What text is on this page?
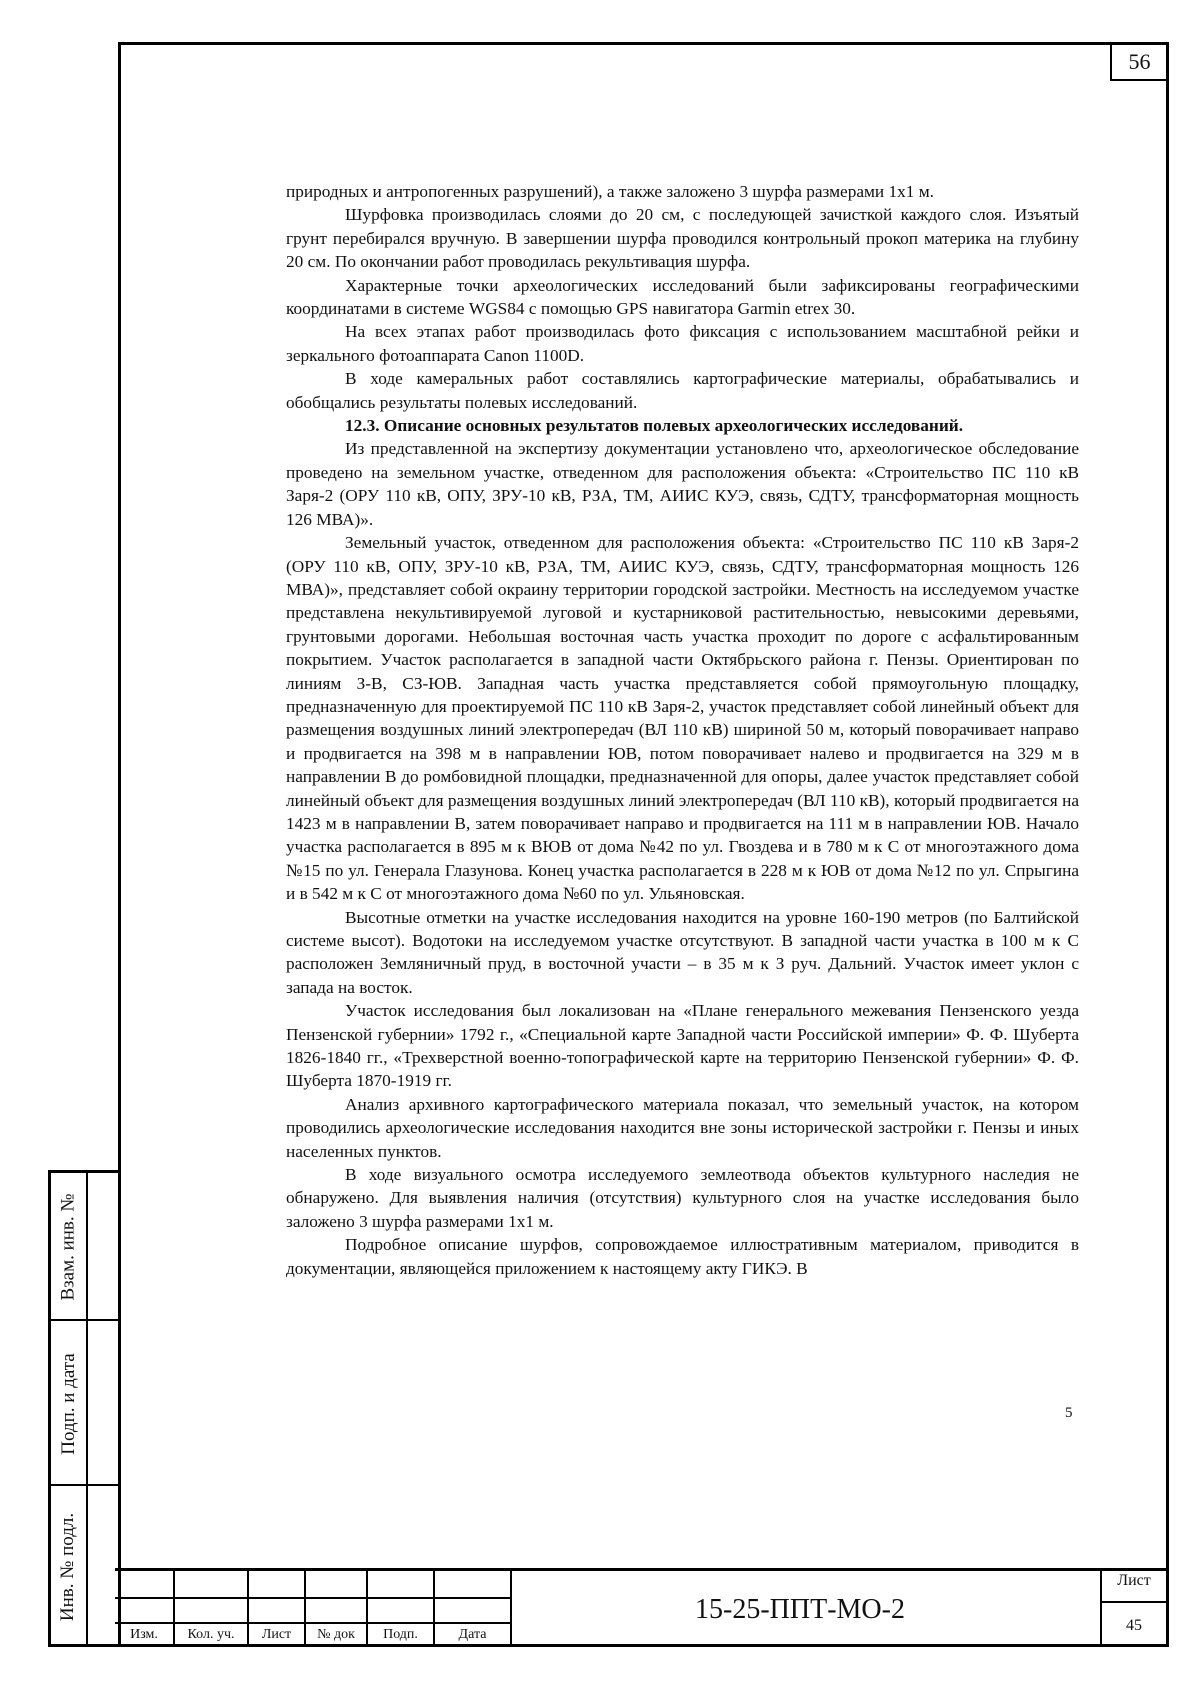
56
Взам. инв. №
Подп. и дата
Инв. № подл.

природных и антропогенных разрушений), а также заложено 3 шурфа размерами 1х1 м.

Шурфовка производилась слоями до 20 см, с последующей зачисткой каждого слоя. Изъятый грунт перебирался вручную. В завершении шурфа проводился контрольный прокоп материка на глубину 20 см. По окончании работ проводилась рекультивация шурфа.

Характерные точки археологических исследований были зафиксированы географическими координатами в системе WGS84 с помощью GPS навигатора Garmin etrex 30.

На всех этапах работ производилась фото фиксация с использованием масштабной рейки и зеркального фотоаппарата Canon 1100D.

В ходе камеральных работ составлялись картографические материалы, обрабатывались и обобщались результаты полевых исследований.

12.3. Описание основных результатов полевых археологических исследований.

Из представленной на экспертизу документации установлено что, археологическое обследование проведено на земельном участке, отведенном для расположения объекта: «Строительство ПС 110 кВ Заря-2 (ОРУ 110 кВ, ОПУ, ЗРУ-10 кВ, РЗА, ТМ, АИИС КУЭ, связь, СДТУ, трансформаторная мощность 126 МВА)».

Земельный участок, отведенном для расположения объекта: «Строительство ПС 110 кВ Заря-2 (ОРУ 110 кВ, ОПУ, ЗРУ-10 кВ, РЗА, ТМ, АИИС КУЭ, связь, СДТУ, трансформаторная мощность 126 МВА)», представляет собой окраину территории городской застройки. Местность на исследуемом участке представлена некультивируемой луговой и кустарниковой растительностью, невысокими деревьями, грунтовыми дорогами. Небольшая восточная часть участка проходит по дороге с асфальтированным покрытием. Участок располагается в западной части Октябрьского района г. Пензы. Ориентирован по линиям З-В, СЗ-ЮВ. Западная часть участка представляется собой прямоугольную площадку, предназначенную для проектируемой ПС 110 кВ Заря-2, участок представляет собой линейный объект для размещения воздушных линий электропередач (ВЛ 110 кВ) шириной 50 м, который поворачивает направо и продвигается на 398 м в направлении ЮВ, потом поворачивает налево и продвигается на 329 м в направлении В до ромбовидной площадки, предназначенной для опоры, далее участок представляет собой линейный объект для размещения воздушных линий электропередач (ВЛ 110 кВ), который продвигается на 1423 м в направлении В, затем поворачивает направо и продвигается на 111 м в направлении ЮВ. Начало участка располагается в 895 м к ВЮВ от дома №42 по ул. Гвоздева и в 780 м к С от многоэтажного дома №15 по ул. Генерала Глазунова. Конец участка располагается в 228 м к ЮВ от дома №12 по ул. Спрыгина и в 542 м к С от многоэтажного дома №60 по ул. Ульяновская.

Высотные отметки на участке исследования находится на уровне 160-190 метров (по Балтийской системе высот). Водотоки на исследуемом участке отсутствуют. В западной части участка в 100 м к С расположен Земляничный пруд, в восточной участи – в 35 м к З руч. Дальний. Участок имеет уклон с запада на восток.

Участок исследования был локализован на «Плане генерального межевания Пензенского уезда Пензенской губернии» 1792 г., «Специальной карте Западной части Российской империи» Ф. Ф. Шуберта 1826-1840 гг., «Трехверстной военно-топографической карте на территорию Пензенской губернии» Ф. Ф. Шуберта 1870-1919 гг.

Анализ архивного картографического материала показал, что земельный участок, на котором проводились археологические исследования находится вне зоны исторической застройки г. Пензы и иных населенных пунктов.

В ходе визуального осмотра исследуемого землеотвода объектов культурного наследия не обнаружено. Для выявления наличия (отсутствия) культурного слоя на участке исследования было заложено 3 шурфа размерами 1х1 м.

Подробное описание шурфов, сопровождаемое иллюстративным материалом, приводится в документации, являющейся приложением к настоящему акту ГИКЭ. В

5
Изм.	Кол. уч.	Лист	№ док	Подп.	Дата
15-25-ППТ-МО-2
Лист
45
